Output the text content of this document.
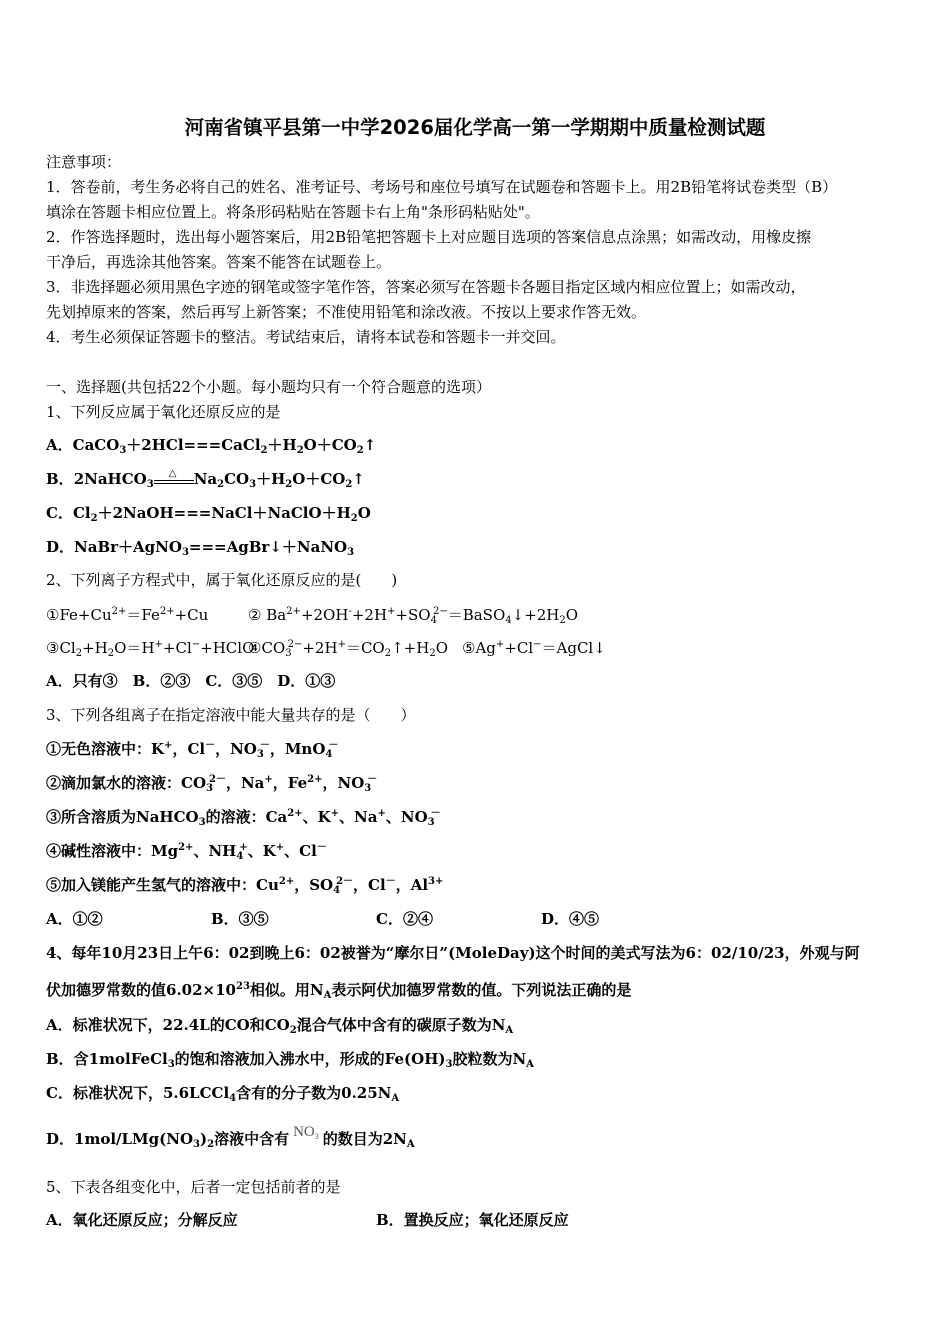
河南省镇平县第一中学2026届化学高一第一学期期中质量检测试题
注意事项：
1．答卷前，考生务必将自己的姓名、准考证号、考场号和座位号填写在试题卷和答题卡上。用2B铅笔将试卷类型（B）
填涂在答题卡相应位置上。将条形码粘贴在答题卡右上角"条形码粘贴处"。
2．作答选择题时，选出每小题答案后，用2B铅笔把答题卡上对应题目选项的答案信息点涂黑；如需改动，用橡皮擦
干净后，再选涂其他答案。答案不能答在试题卷上。
3．非选择题必须用黑色字迹的钢笔或签字笔作答，答案必须写在答题卡各题目指定区域内相应位置上；如需改动，
先划掉原来的答案，然后再写上新答案；不准使用铅笔和涂改液。不按以上要求作答无效。
4．考生必须保证答题卡的整洁。考试结束后，请将本试卷和答题卡一并交回。
一、选择题(共包括22个小题。每小题均只有一个符合题意的选项）
1、下列反应属于氧化还原反应的是
A．$CaCO_3+2HCl===CaCl_2+H_2O+CO_2↑$
B．2NaHCO$_3$
△ $Na_2CO_3+H_2O+CO_2↑$
C．$Cl_2+2NaOH===NaCl+NaClO+H_2O$
D．NaBr＋AgNO$_3$===AgBr↓＋NaNO$_3$
2、下列离子方程式中，属于氧化还原反应的是(　　)
$①Fe+Cu^{2+}=Fe^{2+}+Cu$	② $Ba^{2+}+2OH^-+2H^++SO_4^{2-}=BaSO_4↓+2H_2O$
$③Cl_2+H_2O=H^++Cl^-+HClO$
$④CO_3^{2-}+2H^+=CO_2↑+H_2O$ ⑤Ag++Cl−＝AgCl↓
A．只有③　B．②③　C．③⑤　D．①③
3、下列各组离子在指定溶液中能大量共存的是（　　）
①无色溶液中：K+，Cl－，$NO_3^-$，MnO$_4$－
②滴加氯水的溶液：$CO_3^{2-}$，Na+，$Fe^{2+}$，$NO_3^-$
③所含溶质为NaHCO$_3$的溶液：$Ca^{2+}$、K+、Na+、$NO_3^-$
④碱性溶液中：$Mg^{2+}$、$NH_4^+$、K+、Cl－
⑤加入镁能产生氢气的溶液中：$Cu^{2+}$，$SO_4^{2-}$，Cl－，$Al^{3+}$
A．①②	B．③⑤	C．②④	D．④⑤
4、每年10月23日上午6：02到晚上6：02被誉为“摩尔日”(MoleDay)这个时间的美式写法为6：02/10/23，外观与阿
伏加德罗常数的值$6.02\times 10^{23}$相似。用$N_A$表示阿伏加德罗常数的值。下列说法正确的是
A．标准状况下，22.4L的CO和$CO_2$混合气体中含有的碳原子数为$N_A$
B．含1molFeCl$_3$的饱和溶液加入沸水中，形成的$Fe(OH)_3$胶粒数为$N_A$
C．标准状况下，5.6LCCl$_4$含有的分子数为$0.25N_A$
D．$1mol/LMg(NO_3)_2$溶液中含有 $NO_3$ 的数目为$2N_A$
5、下表各组变化中，后者一定包括前者的是
A．氧化还原反应；分解反应	B．置换反应；氧化还原反应
